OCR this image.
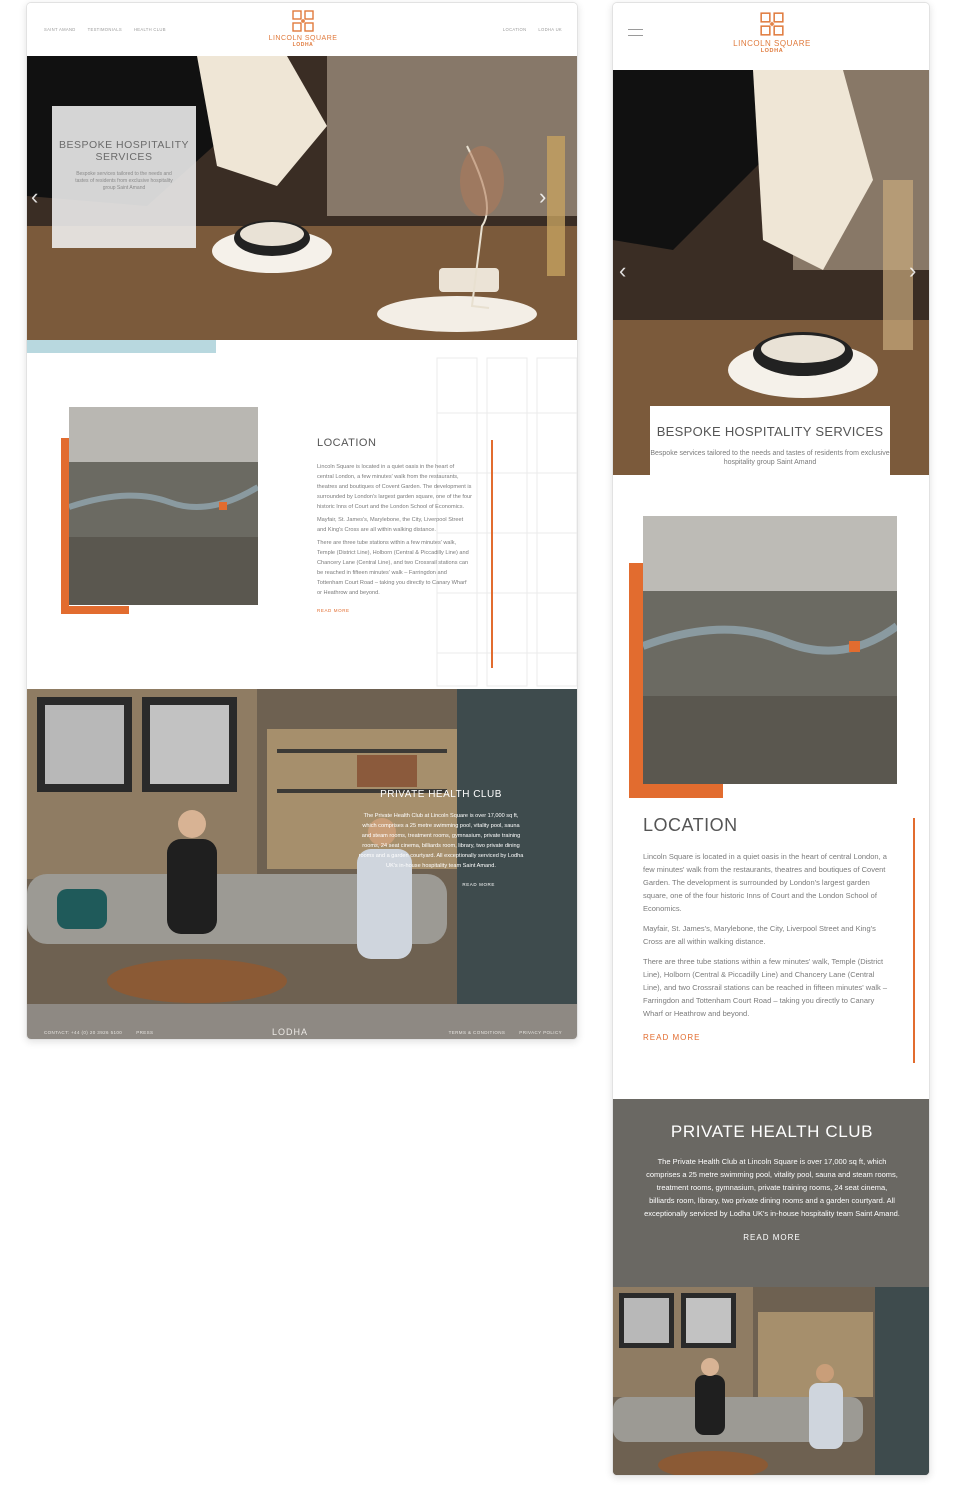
SAINT AMAND	TESTIMONIALS	HEALTH CLUB
LINCOLN SQUARE
LODHA
LOCATION	LODHA UK
BESPOKE HOSPITALITY SERVICES

Bespoke services tailored to the needs and tastes of residents from exclusive hospitality group Saint Amand

‹	›
LOCATION

Lincoln Square is located in a quiet oasis in the heart of central London, a few minutes' walk from the restaurants, theatres and boutiques of Covent Garden. The development is surrounded by London's largest garden square, one of the four historic Inns of Court and the London School of Economics.

Mayfair, St. James's, Marylebone, the City, Liverpool Street and King's Cross are all within walking distance.

There are three tube stations within a few minutes' walk, Temple (District Line), Holborn (Central & Piccadilly Line) and Chancery Lane (Central Line), and two Crossrail stations can be reached in fifteen minutes' walk – Farringdon and Tottenham Court Road – taking you directly to Canary Wharf or Heathrow and beyond.

READ MORE
PRIVATE HEALTH CLUB

The Private Health Club at Lincoln Square is over 17,000 sq ft, which comprises a 25 metre swimming pool, vitality pool, sauna and steam rooms, treatment rooms, gymnasium, private training rooms, 24 seat cinema, billiards room, library, two private dining rooms and a garden courtyard. All exceptionally serviced by Lodha UK's in-house hospitality team Saint Amand.

READ MORE
CONTACT: +44 (0) 20 3926 5100	PRESS	LODHA	TERMS & CONDITIONS	PRIVACY POLICY
LINCOLN SQUARE
LODHA
‹	›
BESPOKE HOSPITALITY SERVICES

Bespoke services tailored to the needs and tastes of residents from exclusive hospitality group Saint Amand

LOCATION

Lincoln Square is located in a quiet oasis in the heart of central London, a few minutes' walk from the restaurants, theatres and boutiques of Covent Garden. The development is surrounded by London's largest garden square, one of the four historic Inns of Court and the London School of Economics.

Mayfair, St. James's, Marylebone, the City, Liverpool Street and King's Cross are all within walking distance.

There are three tube stations within a few minutes' walk, Temple (District Line), Holborn (Central & Piccadilly Line) and Chancery Lane (Central Line), and two Crossrail stations can be reached in fifteen minutes' walk – Farringdon and Tottenham Court Road – taking you directly to Canary Wharf or Heathrow and beyond.

READ MORE
PRIVATE HEALTH CLUB

The Private Health Club at Lincoln Square is over 17,000 sq ft, which comprises a 25 metre swimming pool, vitality pool, sauna and steam rooms, treatment rooms, gymnasium, private training rooms, 24 seat cinema, billiards room, library, two private dining rooms and a garden courtyard. All exceptionally serviced by Lodha UK's in-house hospitality team Saint Amand.

READ MORE
